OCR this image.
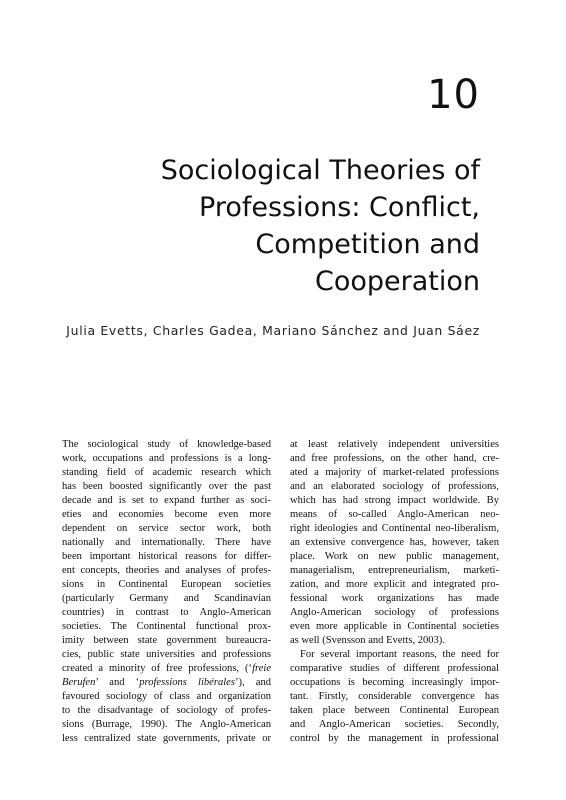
10
Sociological Theories of
Professions: Conflict,
Competition and
Cooperation
Julia Evetts, Charles Gadea, Mariano Sánchez and Juan Sáez
The sociological study of knowledge-based
work, occupations and professions is a long-
standing field of academic research which
has been boosted significantly over the past
decade and is set to expand further as soci-
eties and economies become even more
dependent on service sector work, both
nationally and internationally. There have
been important historical reasons for differ-
ent concepts, theories and analyses of profes-
sions in Continental European societies
(particularly Germany and Scandinavian
countries) in contrast to Anglo-American
societies. The Continental functional prox-
imity between state government bureaucra-
cies, public state universities and professions
created a minority of free professions, (‘freie
Berufen’ and ‘professions libérales’), and
favoured sociology of class and organization
to the disadvantage of sociology of profes-
sions (Burrage, 1990). The Anglo-American
less centralized state governments, private or
at least relatively independent universities
and free professions, on the other hand, cre-
ated a majority of market-related professions
and an elaborated sociology of professions,
which has had strong impact worldwide. By
means of so-called Anglo-American neo-
right ideologies and Continental neo-liberalism,
an extensive convergence has, however, taken
place. Work on new public management,
managerialism, entrepreneurialism, marketi-
zation, and more explicit and integrated pro-
fessional work organizations has made
Anglo-American sociology of professions
even more applicable in Continental societies
as well (Svensson and Evetts, 2003).
For several important reasons, the need for
comparative studies of different professional
occupations is becoming increasingly impor-
tant. Firstly, considerable convergence has
taken place between Continental European
and Anglo-American societies. Secondly,
control by the management in professional
